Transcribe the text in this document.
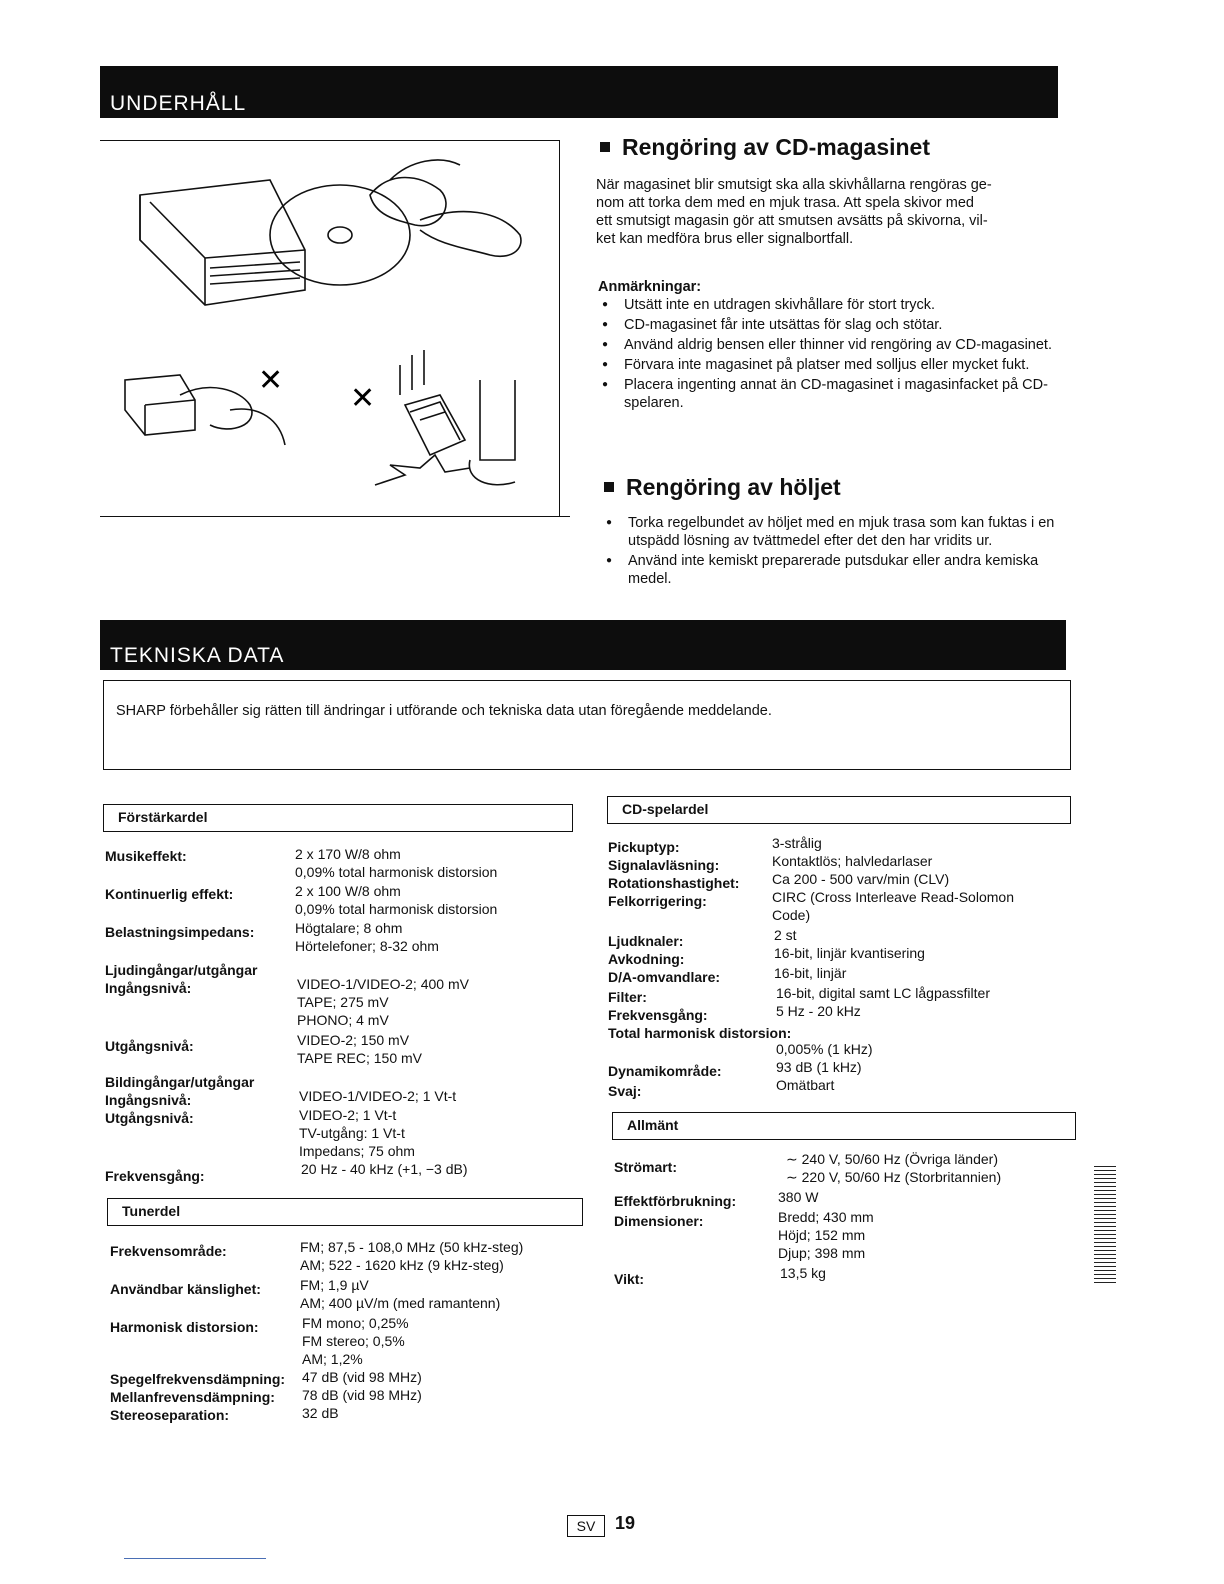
UNDERHÅLL
✕
✕
Rengöring av CD-magasinet
När magasinet blir smutsigt ska alla skivhållarna rengöras ge-
nom att torka dem med en mjuk trasa. Att spela skivor med
ett smutsigt magasin gör att smutsen avsätts på skivorna, vil-
ket kan medföra brus eller signalbortfall.
Anmärkningar:
● Utsätt inte en utdragen skivhållare för stort tryck.
● CD-magasinet får inte utsättas för slag och stötar.
● Använd aldrig bensen eller thinner vid rengöring av CD-magasinet.
● Förvara inte magasinet på platser med solljus eller mycket fukt.
● Placera ingenting annat än CD-magasinet i magasinfacket på CD-spelaren.
Rengöring av höljet
● Torka regelbundet av höljet med en mjuk trasa som kan fuktas i en utspädd lösning av tvättmedel efter det den har vridits ur.
● Använd inte kemiskt preparerade putsdukar eller andra kemiska medel.
TEKNISKA DATA
SHARP förbehåller sig rätten till ändringar i utförande och tekniska data utan föregående meddelande.
Förstärkardel
Musikeffekt:	2 x 170 W/8 ohm
0,09% total harmonisk distorsion
Kontinuerlig effekt:	2 x 100 W/8 ohm
0,09% total harmonisk distorsion
Belastningsimpedans:	Högtalare; 8 ohm
Hörtelefoner; 8-32 ohm
Ljudingångar/utgångar
Ingångsnivå:	VIDEO-1/VIDEO-2; 400 mV
TAPE; 275 mV
PHONO; 4 mV
Utgångsnivå:	VIDEO-2; 150 mV
TAPE REC; 150 mV
Bildingångar/utgångar
Ingångsnivå:	VIDEO-1/VIDEO-2; 1 Vt-t
Utgångsnivå:	VIDEO-2; 1 Vt-t
TV-utgång: 1 Vt-t
Impedans; 75 ohm
Frekvensgång:	20 Hz - 40 kHz (+1, −3 dB)
Tunerdel
Frekvensområde:	FM; 87,5 - 108,0 MHz (50 kHz-steg)
AM; 522 - 1620 kHz (9 kHz-steg)
Användbar känslighet:	FM; 1,9 µV
AM; 400 µV/m (med ramantenn)
Harmonisk distorsion:	FM mono; 0,25%
FM stereo; 0,5%
AM; 1,2%
Spegelfrekvensdämpning: 47 dB (vid 98 MHz)
Mellanfrevensdämpning: 78 dB (vid 98 MHz)
Stereoseparation:	32 dB
CD-spelardel
Pickuptyp:	3-strålig
Signalavläsning:	Kontaktlös; halvledarlaser
Rotationshastighet: Ca 200 - 500 varv/min (CLV)
Felkorrigering:	CIRC (Cross Interleave Read-Solomon
Code)
Ljudknaler:	2 st
Avkodning:	16-bit, linjär kvantisering
D/A-omvandlare:	16-bit, linjär
Filter:	16-bit, digital samt LC lågpassfilter
Frekvensgång:	5 Hz - 20 kHz
Total harmonisk distorsion:
0,005% (1 kHz)
Dynamikområde:	93 dB (1 kHz)
Svaj:	Omätbart
Allmänt
Strömart:	∼ 240 V, 50/60 Hz (Övriga länder)
∼ 220 V, 50/60 Hz (Storbritannien)
Effektförbrukning:	380 W
Dimensioner:	Bredd; 430 mm
Höjd; 152 mm
Djup; 398 mm
Vikt:	13,5 kg
SV	19
